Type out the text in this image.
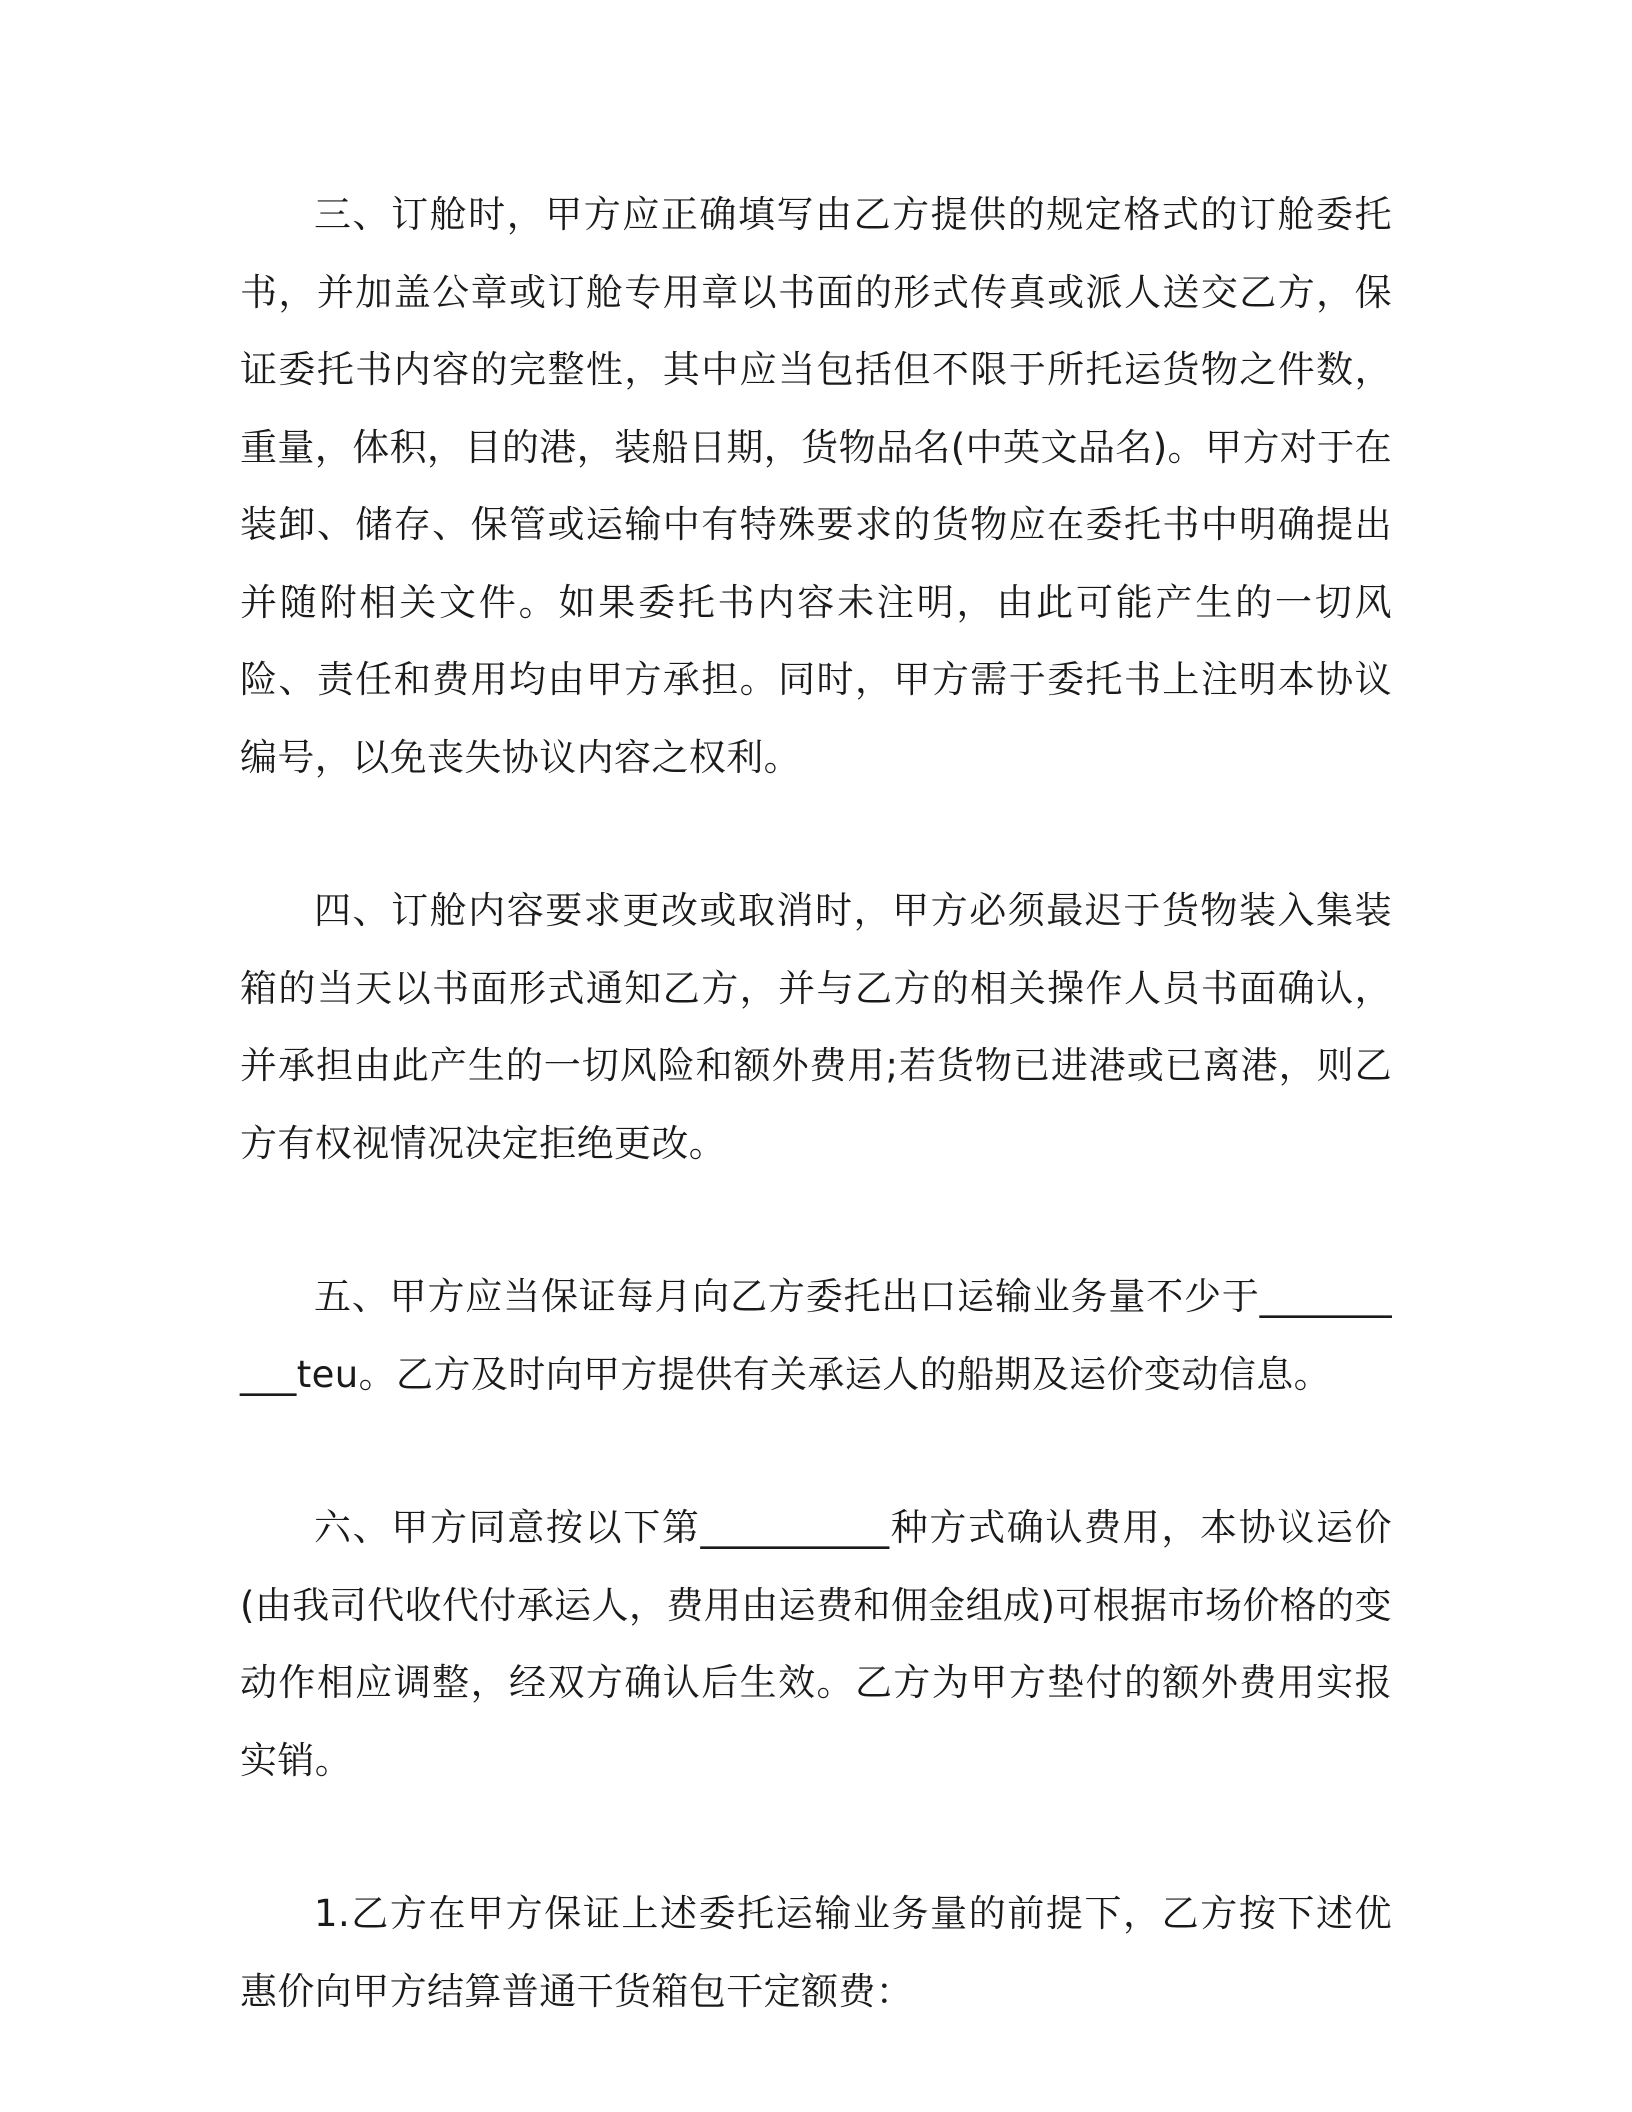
三、订舱时，甲方应正确填写由乙方提供的规定格式的订舱委托书，并加盖公章或订舱专用章以书面的形式传真或派人送交乙方，保证委托书内容的完整性，其中应当包括但不限于所托运货物之件数，重量，体积，目的港，装船日期，货物品名(中英文品名)。甲方对于在装卸、储存、保管或运输中有特殊要求的货物应在委托书中明确提出并随附相关文件。如果委托书内容未注明，由此可能产生的一切风险、责任和费用均由甲方承担。同时，甲方需于委托书上注明本协议编号，以免丧失协议内容之权利。

四、订舱内容要求更改或取消时，甲方必须最迟于货物装入集装箱的当天以书面形式通知乙方，并与乙方的相关操作人员书面确认，并承担由此产生的一切风险和额外费用;若货物已进港或已离港，则乙方有权视情况决定拒绝更改。

五、甲方应当保证每月向乙方委托出口运输业务量不少于__________teu。乙方及时向甲方提供有关承运人的船期及运价变动信息。

六、甲方同意按以下第__________种方式确认费用，本协议运价(由我司代收代付承运人，费用由运费和佣金组成)可根据市场价格的变动作相应调整，经双方确认后生效。乙方为甲方垫付的额外费用实报实销。

1.乙方在甲方保证上述委托运输业务量的前提下，乙方按下述优惠价向甲方结算普通干货箱包干定额费：
